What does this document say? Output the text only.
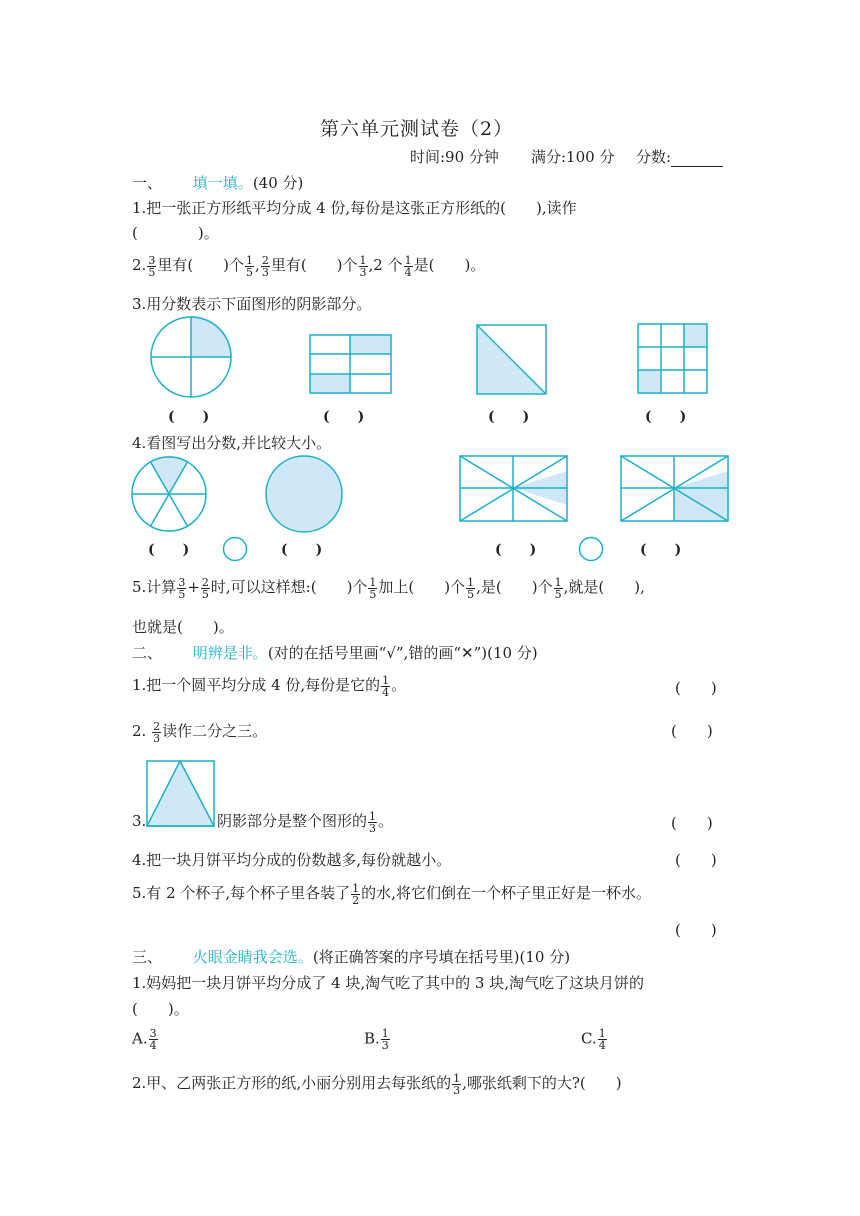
第六单元测试卷（2）
时间:90 分钟 满分:100 分 分数:
一、 填一填。(40 分)
1.把一张正方形纸平均分成 4 份,每份是这张正方形纸的(　　),读作
(　　　　)。
2. $\frac{3}{5}$ 里有(　　)个 $\frac{1}{5}$ , $\frac{2}{3}$ 里有(　　)个 $\frac{1}{3} ,2$ 个 $\frac{1}{4}$ 是(　　)。
3.用分数表示下面图形的阴影部分。
(　　)	(　　)	(　　)	(　　)
4.看图写出分数,并比较大小。
(　　)	(　　)	(　　)	(　　)
5.计算 $\frac{3}{5} + \frac{2}{5}$ 时,可以这样想:(　　)个 $\frac{1}{5}$ 加上(　　)个 $\frac{1}{5}$ ,是(　　)个 $\frac{1}{5}$ ,就是(　　),
也就是(　　)。
二、 明辨是非。(对的在括号里画“√”,错的画“✕”)(10 分)
1.把一个圆平均分成 4 份,每份是它的 $\frac{1}{4}$ 。	(　　)
2. $\frac{2}{3}$ 读作二分之三。	(　　)
3.	阴影部分是整个图形的 $\frac{1}{3}$ 。	(　　)
4.把一块月饼平均分成的份数越多,每份就越小。	(　　)
5.有 2 个杯子,每个杯子里各装了 $\frac{1}{2}$ 的水,将它们倒在一个杯子里正好是一杯水。
(　　)
三、 火眼金睛我会选。(将正确答案的序号填在括号里)(10 分)
1.妈妈把一块月饼平均分成了 4 块,淘气吃了其中的 3 块,淘气吃了这块月饼的
(　　)。
A. $\frac{3}{4}$	B. $\frac{1}{3}$	C. $\frac{1}{4}$
2.甲、乙两张正方形的纸,小丽分别用去每张纸的 $\frac{1}{3}$ ,哪张纸剩下的大?(　　)
